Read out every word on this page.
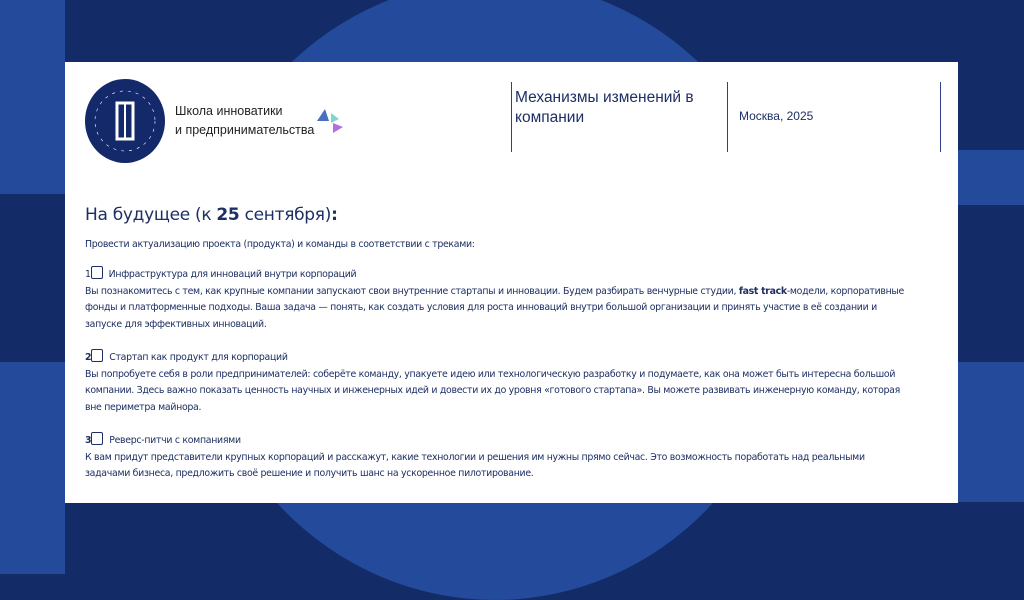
Школа инноватики
и предпринимательства
Механизмы изменений в компании	Москва, 2025
На будущее (к 25 сентября):
Провести актуализацию проекта (продукта) и команды в соответствии с треками:
1 Инфраструктура для инноваций внутри корпораций
Вы познакомитесь с тем, как крупные компании запускают свои внутренние стартапы и инновации. Будем разбирать венчурные студии, fast track-модели, корпоративные фонды и платформенные подходы. Ваша задача — понять, как создать условия для роста инноваций внутри большой организации и принять участие в её создании и запуске для эффективных инноваций.
2 Стартап как продукт для корпораций
Вы попробуете себя в роли предпринимателей: соберёте команду, упакуете идею или технологическую разработку и подумаете, как она может быть интересна большой компании. Здесь важно показать ценность научных и инженерных идей и довести их до уровня «готового стартапа». Вы можете развивать инженерную команду, которая вне периметра майнора.
3 Реверс-питчи с компаниями
К вам придут представители крупных корпораций и расскажут, какие технологии и решения им нужны прямо сейчас. Это возможность поработать над реальными задачами бизнеса, предложить своё решение и получить шанс на ускоренное пилотирование.
